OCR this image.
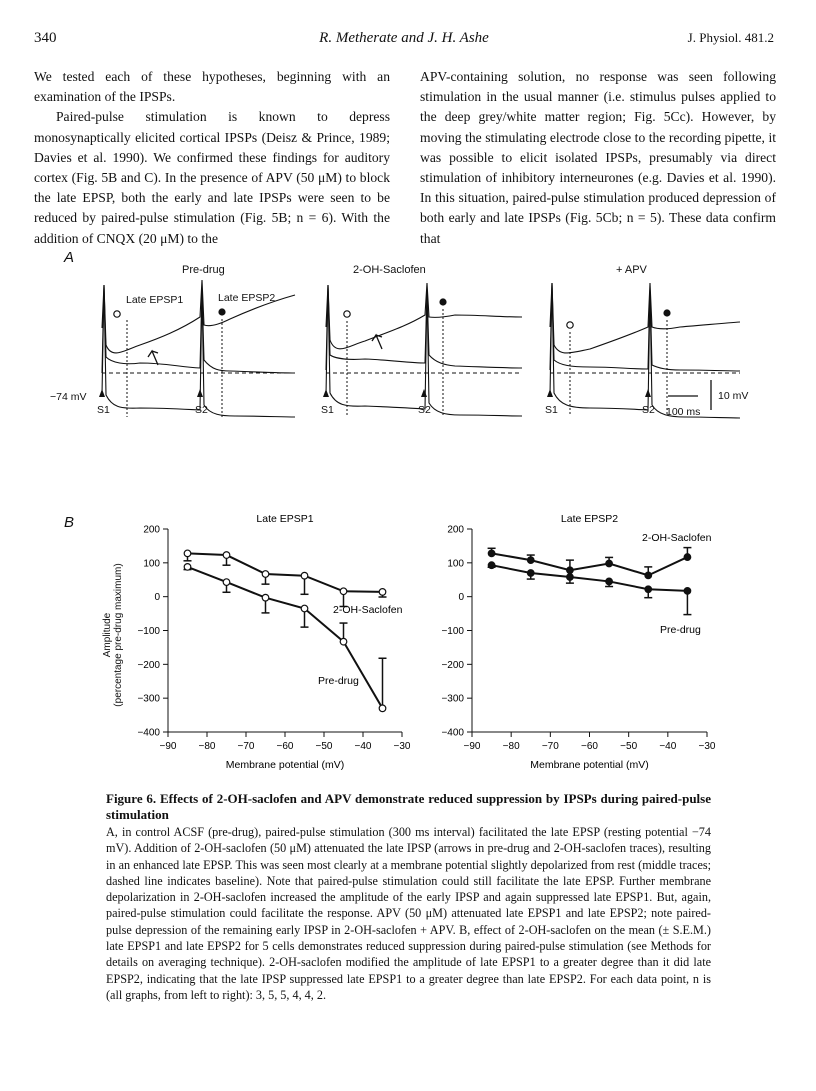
340	R. Metherate and J. H. Ashe	J. Physiol. 481.2

We tested each of these hypotheses, beginning with an examination of the IPSPs.

Paired-pulse stimulation is known to depress monosynaptically elicited cortical IPSPs (Deisz & Prince, 1989; Davies et al. 1990). We confirmed these findings for auditory cortex (Fig. 5B and C). In the presence of APV (50 μM) to block the late EPSP, both the early and late IPSPs were seen to be reduced by paired-pulse stimulation (Fig. 5B; n = 6). With the addition of CNQX (20 μM) to the

APV-containing solution, no response was seen following stimulation in the usual manner (i.e. stimulus pulses applied to the deep grey/white matter region; Fig. 5Cc). However, by moving the stimulating electrode close to the recording pipette, it was possible to elicit isolated IPSPs, presumably via direct stimulation of inhibitory interneurones (e.g. Davies et al. 1990). In this situation, paired-pulse stimulation produced depression of both early and late IPSPs (Fig. 5Cb; n = 5). These data confirm that

A
Pre-drug	2-OH-Saclofen	+ APV
Late EPSP1	Late EPSP2
−74 mV
S1	S2	S1	S2	S1	S2 100 ms
10 mV
B
Amplitude (percentage pre-drug maximum)
Late EPSP1
−400
−300
−200
−100
0
100
200
−90 −80 −70 −60 −50 −40 −30
Membrane potential (mV)
Pre-drug
2-OH-Saclofen
Late EPSP2
−400
−300
−200
−100
0
100
200
−90 −80 −70 −60 −50 −40 −30
Membrane potential (mV)
2-OH-Saclofen
Pre-drug

Figure 6. Effects of 2-OH-saclofen and APV demonstrate reduced suppression by IPSPs during paired-pulse stimulation

A, in control ACSF (pre-drug), paired-pulse stimulation (300 ms interval) facilitated the late EPSP (resting potential −74 mV). Addition of 2-OH-saclofen (50 μM) attenuated the late IPSP (arrows in pre-drug and 2-OH-saclofen traces), resulting in an enhanced late EPSP. This was seen most clearly at a membrane potential slightly depolarized from rest (middle traces; dashed line indicates baseline). Note that paired-pulse stimulation could still facilitate the late EPSP. Further membrane depolarization in 2-OH-saclofen increased the amplitude of the early IPSP and again suppressed late EPSP1. But, again, paired-pulse stimulation could facilitate the response. APV (50 μM) attenuated late EPSP1 and late EPSP2; note paired-pulse depression of the remaining early IPSP in 2-OH-saclofen + APV. B, effect of 2-OH-saclofen on the mean (± S.E.M.) late EPSP1 and late EPSP2 for 5 cells demonstrates reduced suppression during paired-pulse stimulation (see Methods for details on averaging technique). 2-OH-saclofen modified the amplitude of late EPSP1 to a greater degree than it did late EPSP2, indicating that the late IPSP suppressed late EPSP1 to a greater degree than late EPSP2. For each data point, n is (all graphs, from left to right): 3, 5, 5, 4, 4, 2.
